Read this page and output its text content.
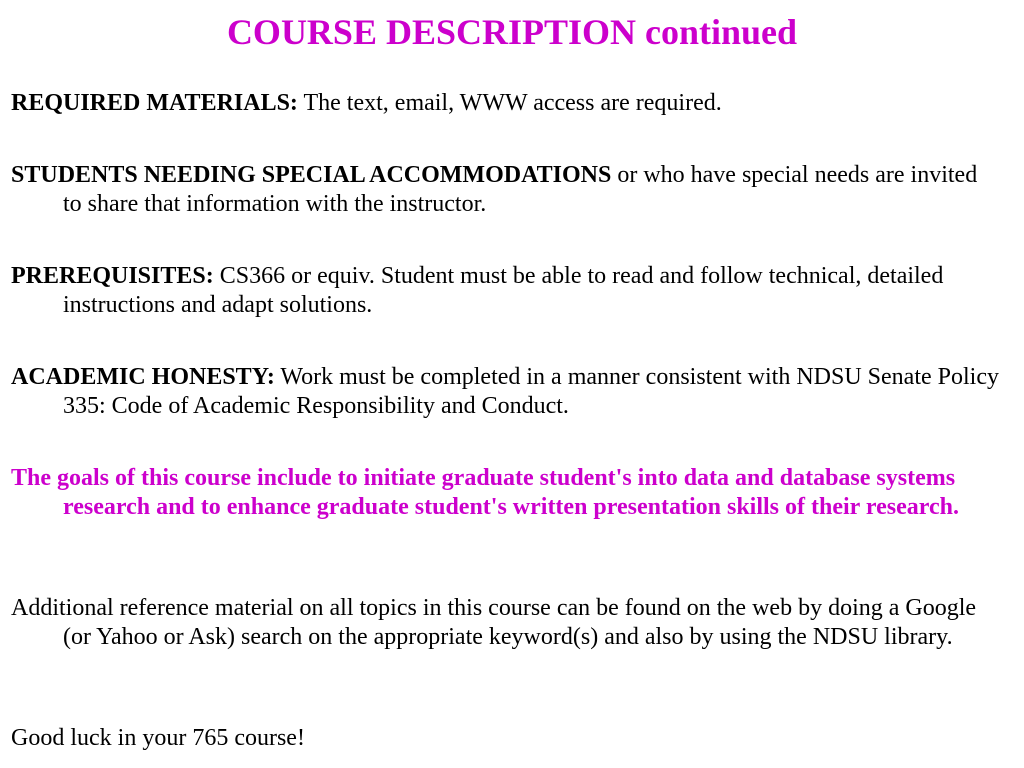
COURSE DESCRIPTION continued

REQUIRED MATERIALS: The text, email, WWW access are required.

STUDENTS NEEDING SPECIAL ACCOMMODATIONS or who have special needs are invited to share that information with the instructor.

PREREQUISITES: CS366 or equiv. Student must be able to read and follow technical, detailed instructions and adapt solutions.

ACADEMIC HONESTY: Work must be completed in a manner consistent with NDSU Senate Policy 335: Code of Academic Responsibility and Conduct.

The goals of this course include to initiate graduate student's into data and database systems research and to enhance graduate student's written presentation skills of their research.

Additional reference material on all topics in this course can be found on the web by doing a Google (or Yahoo or Ask) search on the appropriate keyword(s) and also by using the NDSU library.

Good luck in your 765 course!
